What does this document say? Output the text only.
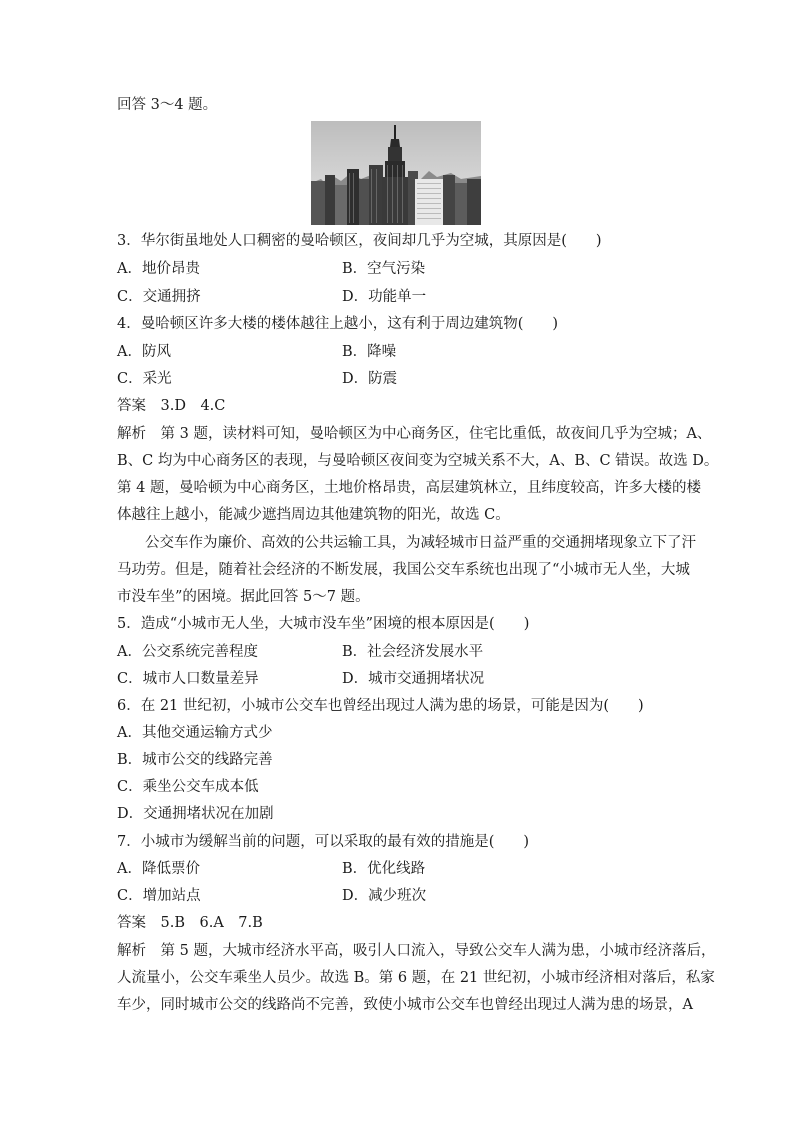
回答 3～4 题。
3．华尔街虽地处人口稠密的曼哈顿区，夜间却几乎为空城，其原因是(　　)
A．地价昂贵	B．空气污染
C．交通拥挤	D．功能单一
4．曼哈顿区许多大楼的楼体越往上越小，这有利于周边建筑物(　　)
A．防风	B．降噪
C．采光	D．防震
答案　3.D　4.C
解析　第 3 题，读材料可知，曼哈顿区为中心商务区，住宅比重低，故夜间几乎为空城；A、
B、C 均为中心商务区的表现，与曼哈顿区夜间变为空城关系不大，A、B、C 错误。故选 D。
第 4 题，曼哈顿为中心商务区，土地价格昂贵，高层建筑林立，且纬度较高，许多大楼的楼
体越往上越小，能减少遮挡周边其他建筑物的阳光，故选 C。
公交车作为廉价、高效的公共运输工具，为减轻城市日益严重的交通拥堵现象立下了汗
马功劳。但是，随着社会经济的不断发展，我国公交车系统也出现了“小城市无人坐，大城
市没车坐”的困境。据此回答 5～7 题。
5．造成“小城市无人坐，大城市没车坐”困境的根本原因是(　　)
A．公交系统完善程度	B．社会经济发展水平
C．城市人口数量差异	D．城市交通拥堵状况
6．在 21 世纪初，小城市公交车也曾经出现过人满为患的场景，可能是因为(　　)
A．其他交通运输方式少
B．城市公交的线路完善
C．乘坐公交车成本低
D．交通拥堵状况在加剧
7．小城市为缓解当前的问题，可以采取的最有效的措施是(　　)
A．降低票价	B．优化线路
C．增加站点	D．减少班次
答案　5.B　6.A　7.B
解析　第 5 题，大城市经济水平高，吸引人口流入，导致公交车人满为患，小城市经济落后，
人流量小，公交车乘坐人员少。故选 B。第 6 题，在 21 世纪初，小城市经济相对落后，私家
车少，同时城市公交的线路尚不完善，致使小城市公交车也曾经出现过人满为患的场景，A
